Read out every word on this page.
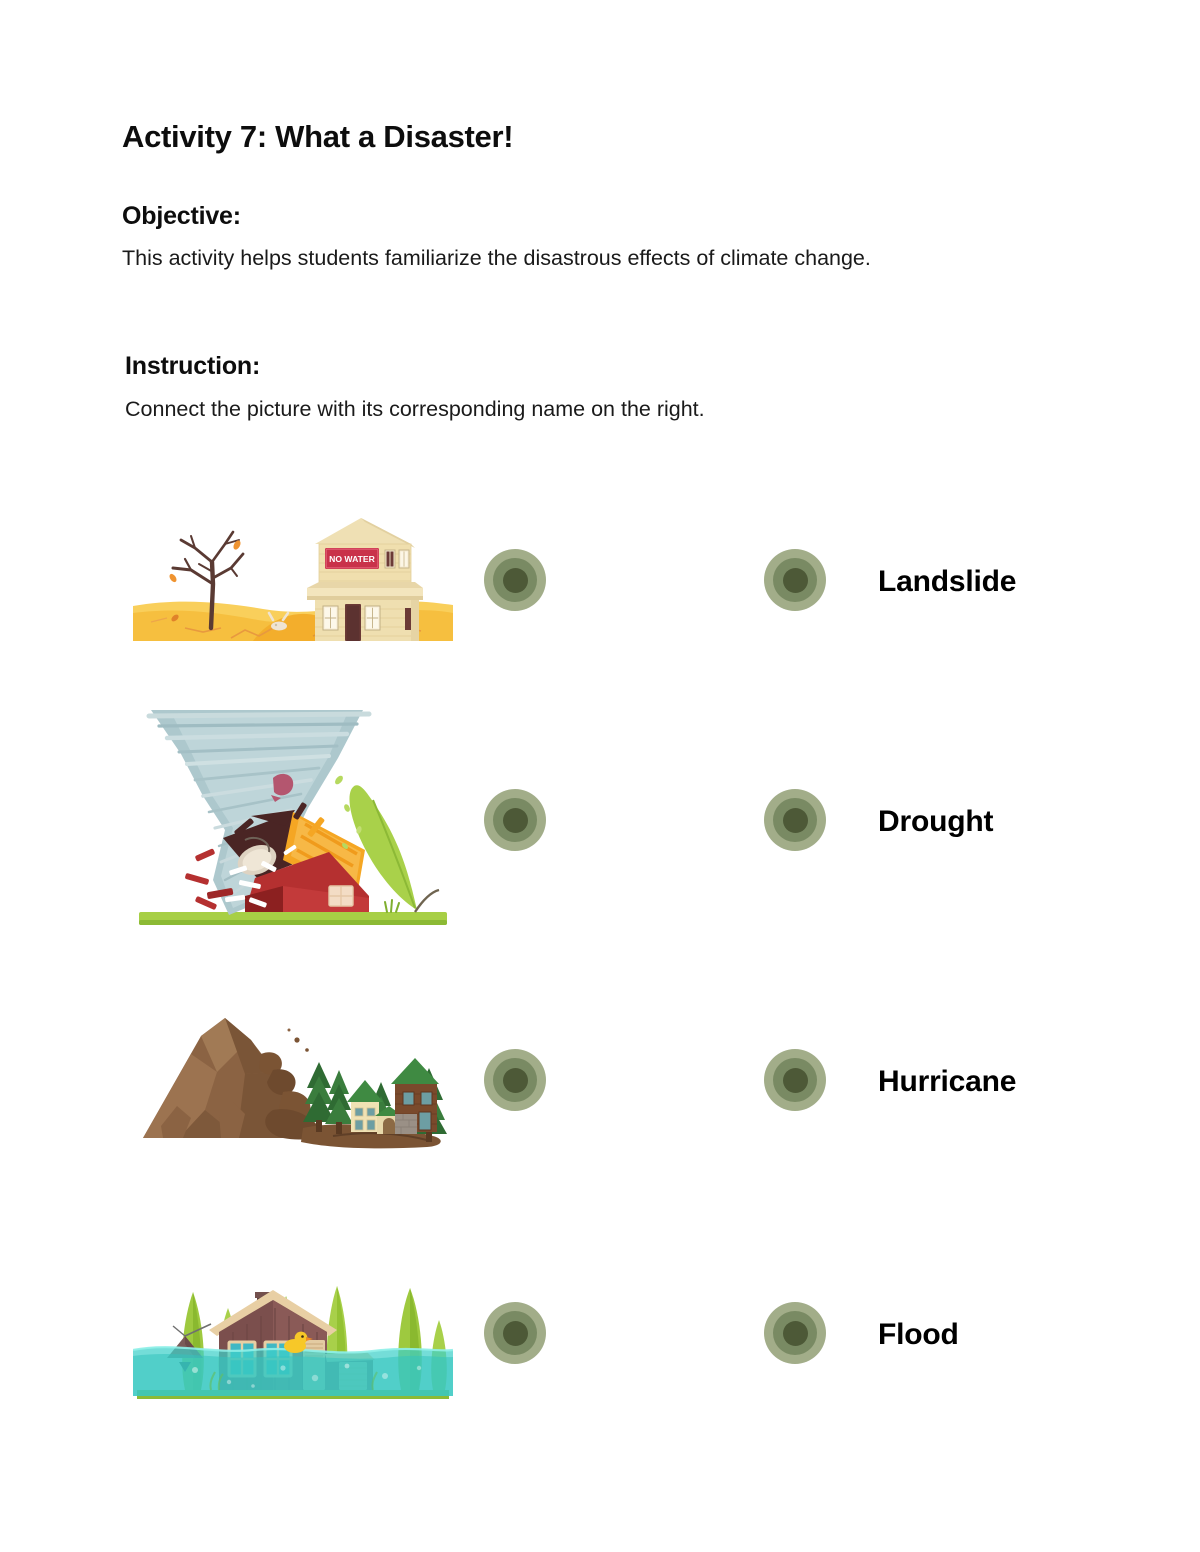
Activity 7: What a Disaster!
Objective:

This activity helps students familiarize the disastrous effects of climate change.

Instruction:

Connect the picture with its corresponding name on the right.

NO WATER
Landslide
Drought
Hurricane
Flood
